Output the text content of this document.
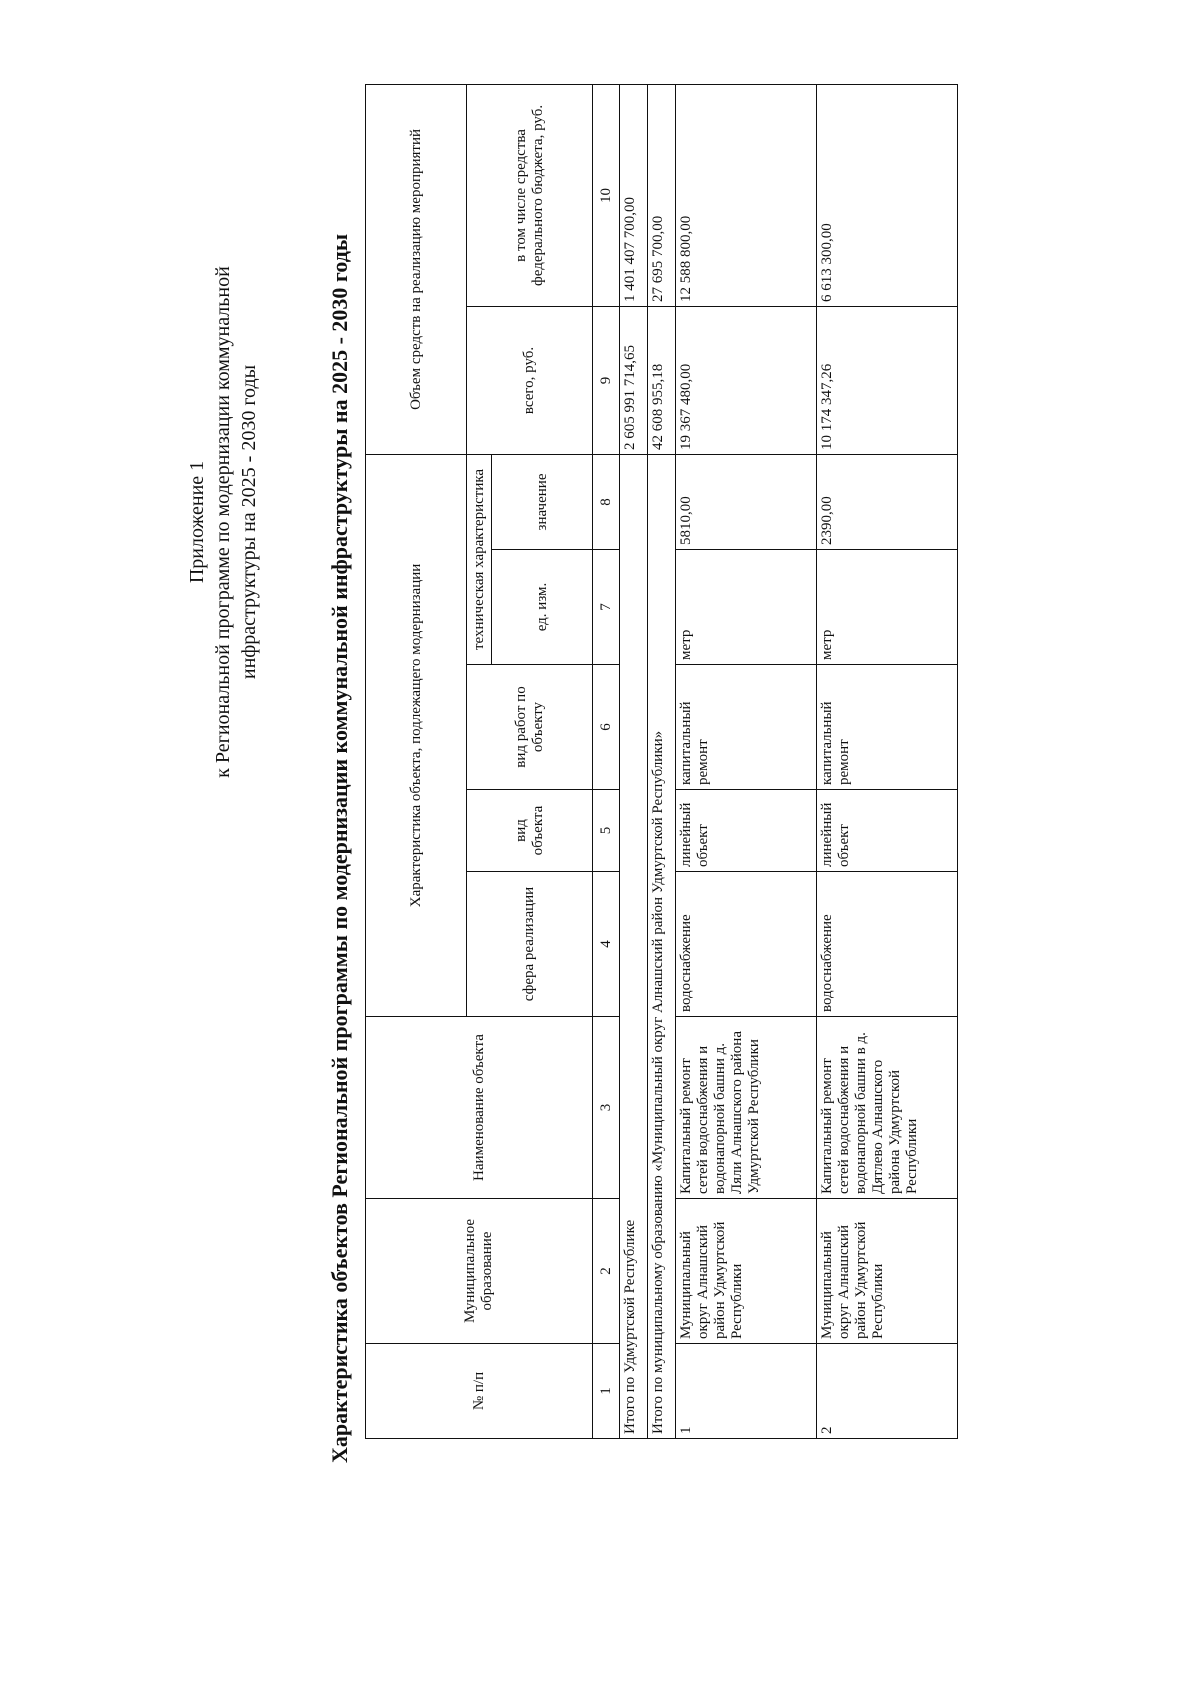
Приложение 1 к Региональной программе по модернизации коммунальной инфраструктуры на 2025 - 2030 годы	Характеристика объектов Региональной программы по модернизации коммунальной инфраструктуры на 2025 - 2030 годы	№ п/п	Муниципальное образование	Наименование объекта	Характеристика объекта, подлежащего модернизации					Объем средств на реализацию мероприятий	
			сфера реализации	вид объекта	вид работ по объекту	техническая характеристика		всего, руб.	в том числе средства федерального бюджета, руб.
						ед. изм.	значение		
1	2	3	4	5	6	7	8	9	10
Итого по Удмуртской Республике								2 605 991 714,65	1 401 407 700,00
Итого по муниципальному образованию «Муниципальный округ Алнашский район Удмуртской Республики»								42 608 955,18	27 695 700,00
1	Муниципальный округ Алнашский район Удмуртской Республики	Капитальный ремонт сетей водоснабжения и водонапорной башни д. Ляли Алнашского района Удмуртской Республики	водоснабжение	линейный объект	капитальный ремонт	метр	5810,00	19 367 480,00	12 588 800,00
2	Муниципальный округ Алнашский район Удмуртской Республики	Капитальный ремонт сетей водоснабжения и водонапорной башни в д. Дятлево Алнашского района Удмуртской Республики	водоснабжение	линейный объект	капитальный ремонт	метр	2390,00	10 174 347,26	6 613 300,00
